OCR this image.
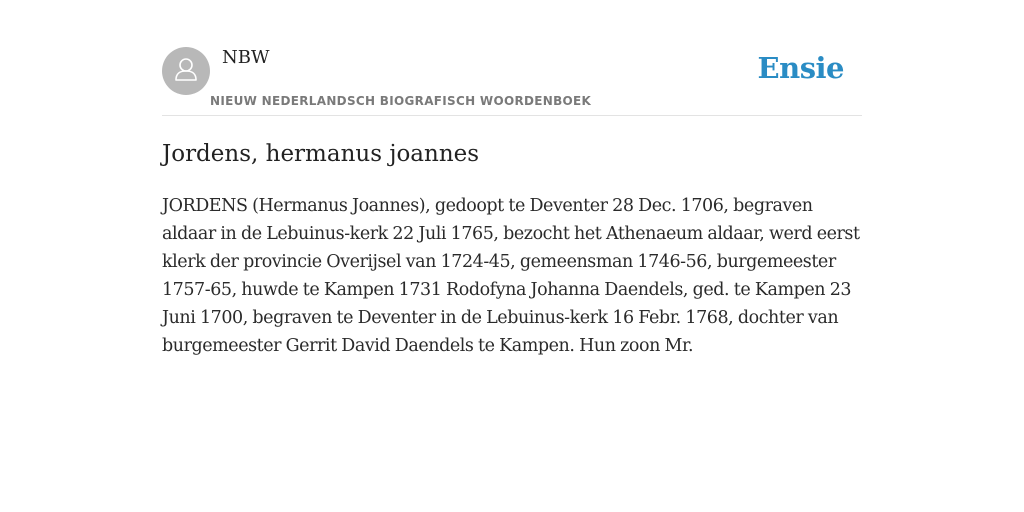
NBW
NIEUW NEDERLANDSCH BIOGRAFISCH WOORDENBOEK
Ensie
Jordens, hermanus joannes

JORDENS (Hermanus Joannes), gedoopt te Deventer 28 Dec. 1706, begraven aldaar in de Lebuinus-kerk 22 Juli 1765, bezocht het Athenaeum aldaar, werd eerst klerk der provincie Overijsel van 1724-45, gemeensman 1746-56, burgemeester 1757-65, huwde te Kampen 1731 Rodofyna Johanna Daendels, ged. te Kampen 23 Juni 1700, begraven te Deventer in de Lebuinus-kerk 16 Febr. 1768, dochter van burgemeester Gerrit David Daendels te Kampen. Hun zoon Mr.
